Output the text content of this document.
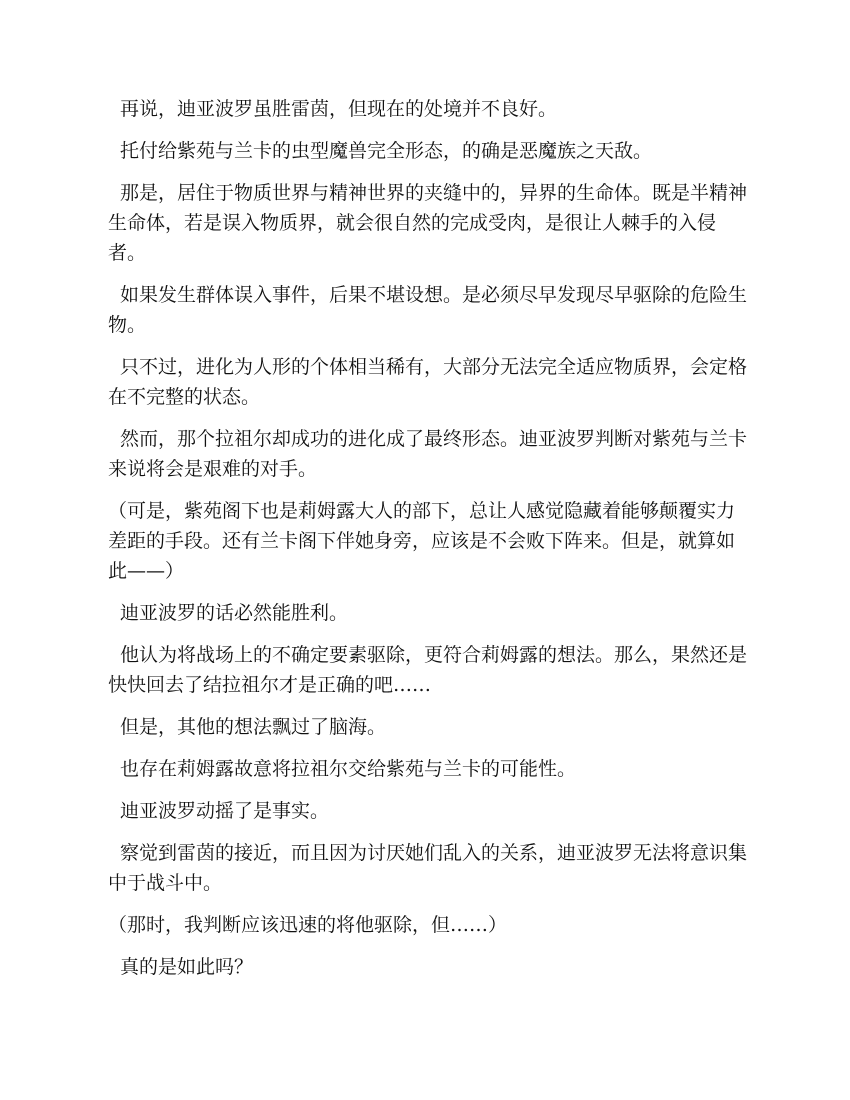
再说，迪亚波罗虽胜雷茵，但现在的处境并不良好。

托付给紫苑与兰卡的虫型魔兽完全形态，的确是恶魔族之天敌。

那是，居住于物质世界与精神世界的夹缝中的，异界的生命体。既是半精神生命体，若是误入物质界，就会很自然的完成受肉，是很让人棘手的入侵者。

如果发生群体误入事件，后果不堪设想。是必须尽早发现尽早驱除的危险生物。

只不过，进化为人形的个体相当稀有，大部分无法完全适应物质界，会定格在不完整的状态。

然而，那个拉祖尔却成功的进化成了最终形态。迪亚波罗判断对紫苑与兰卡来说将会是艰难的对手。

（可是，紫苑阁下也是莉姆露大人的部下，总让人感觉隐藏着能够颠覆实力差距的手段。还有兰卡阁下伴她身旁，应该是不会败下阵来。但是，就算如此——）

迪亚波罗的话必然能胜利。

他认为将战场上的不确定要素驱除，更符合莉姆露的想法。那么，果然还是快快回去了结拉祖尔才是正确的吧……

但是，其他的想法飘过了脑海。

也存在莉姆露故意将拉祖尔交给紫苑与兰卡的可能性。

迪亚波罗动摇了是事实。

察觉到雷茵的接近，而且因为讨厌她们乱入的关系，迪亚波罗无法将意识集中于战斗中。

（那时，我判断应该迅速的将他驱除，但……）

真的是如此吗？
